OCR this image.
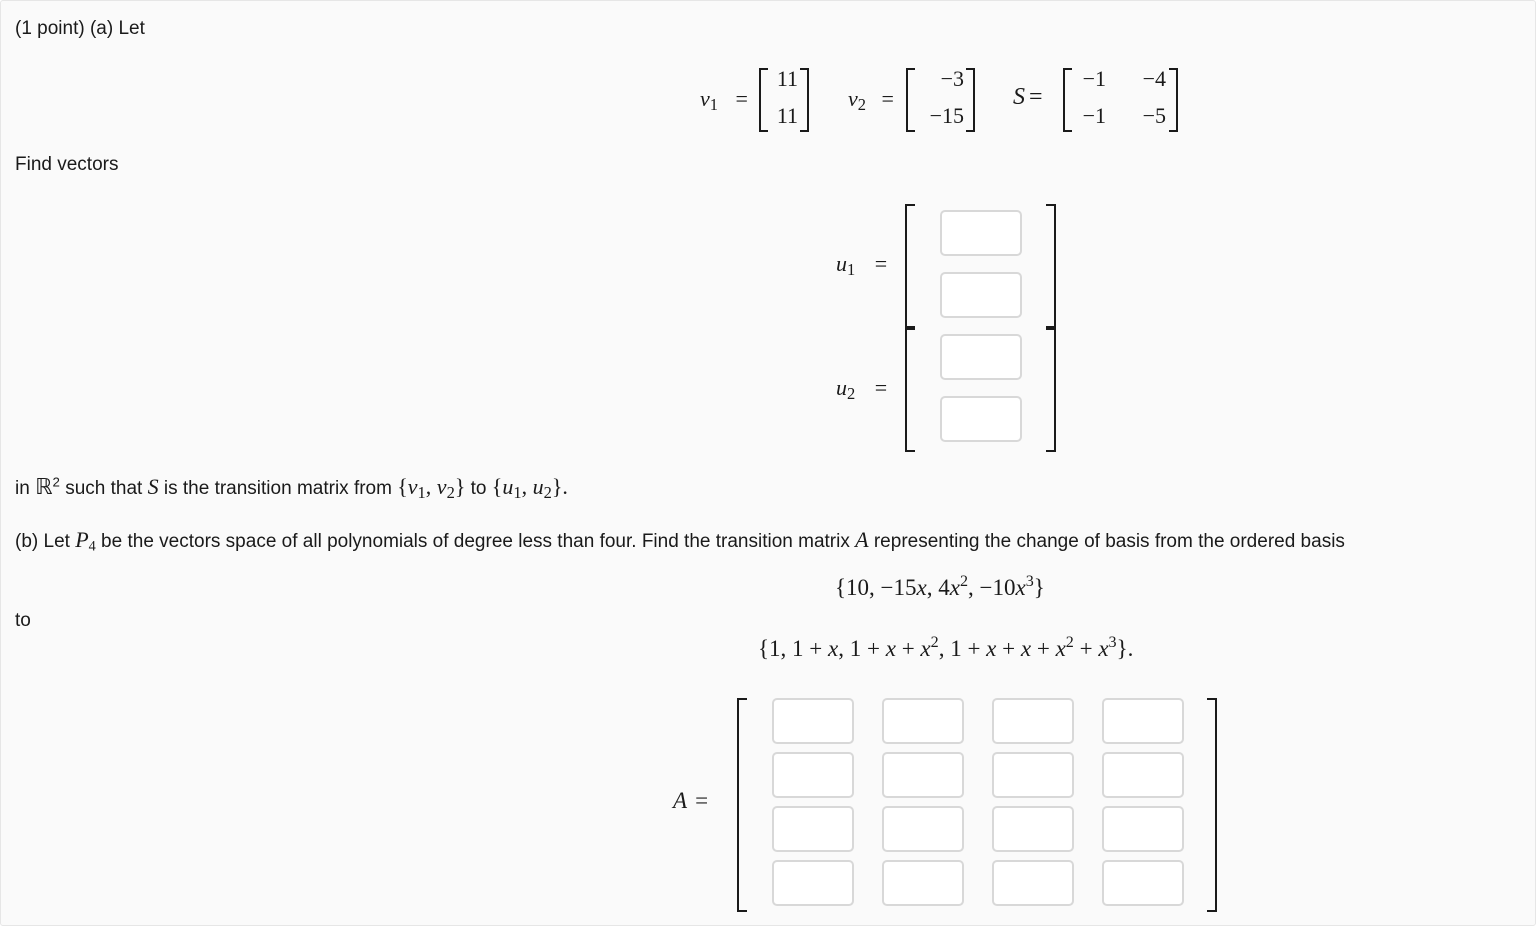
(1 point) (a) Let
$v_1$ =
11
11
$v_2$ =
−3
−15
S =
−1	−4
−1	−5
Find vectors
$u_1$ =
$u_2$ =
in ℝ$^2$ such that S is the transition matrix from {$v_1$, $v_2$} to {$u_1$, $u_2$}.
(b) Let $P_4$ be the vectors space of all polynomials of degree less than four. Find the transition matrix A representing the change of basis from the ordered basis
{10, −15x, $4x^2$, $-10x^3$}
to
{1, 1 + x, $1 + x + x^2$, $1 + x + x + x^2 + x^3$}.
A =
